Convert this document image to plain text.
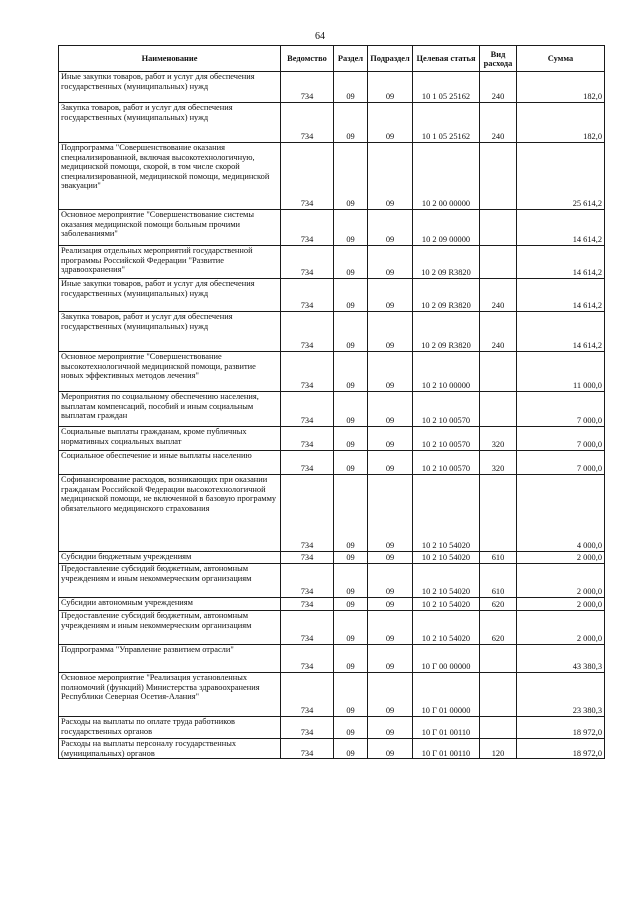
64
Наименование	Ведомство	Раздел	Подраздел	Целевая статья	Вид расхода	Сумма
Иные закупки товаров, работ и услуг для обеспечения государственных (муниципальных) нужд	734	09	09	10 1 05 25162	240	182,0
Закупка товаров, работ и услуг для обеспечения государственных (муниципальных) нужд	734	09	09	10 1 05 25162	240	182,0
Подпрограмма "Совершенствование оказания специализированной, включая высокотехнологичную, медицинской помощи, скорой, в том числе скорой специализированной, медицинской помощи, медицинской эвакуации"	734	09	09	10 2 00 00000		25 614,2
Основное мероприятие "Совершенствование системы оказания медицинской помощи больным прочими заболеваниями"	734	09	09	10 2 09 00000		14 614,2
Реализация отдельных мероприятий государственной программы Российской Федерации "Развитие здравоохранения"	734	09	09	10 2 09 R3820		14 614,2
Иные закупки товаров, работ и услуг для обеспечения государственных (муниципальных) нужд	734	09	09	10 2 09 R3820	240	14 614,2
Закупка товаров, работ и услуг для обеспечения государственных (муниципальных) нужд	734	09	09	10 2 09 R3820	240	14 614,2
Основное мероприятие "Совершенствование высокотехнологичной медицинской помощи, развитие новых эффективных методов лечения"	734	09	09	10 2 10 00000		11 000,0
Мероприятия по социальному обеспечению населения, выплатам компенсаций, пособий и иным социальным выплатам граждан	734	09	09	10 2 10 00570		7 000,0
Социальные выплаты гражданам, кроме публичных нормативных социальных выплат	734	09	09	10 2 10 00570	320	7 000,0
Социальное обеспечение и иные выплаты населению	734	09	09	10 2 10 00570	320	7 000,0
Софинансирование расходов, возникающих при оказании гражданам Российской Федерации высокотехнологичной медицинской помощи, не включенной в базовую программу обязательного медицинского страхования	734	09	09	10 2 10 54020		4 000,0
Субсидии бюджетным учреждениям	734	09	09	10 2 10 54020	610	2 000,0
Предоставление субсидий бюджетным, автономным учреждениям и иным некоммерческим организациям	734	09	09	10 2 10 54020	610	2 000,0
Субсидии автономным учреждениям	734	09	09	10 2 10 54020	620	2 000,0
Предоставление субсидий бюджетным, автономным учреждениям и иным некоммерческим организациям	734	09	09	10 2 10 54020	620	2 000,0
Подпрограмма "Управление развитием отрасли"	734	09	09	10 Г 00 00000		43 380,3
Основное мероприятие "Реализация установленных полномочий (функций) Министерства здравоохранения Республики Северная Осетия-Алания"	734	09	09	10 Г 01 00000		23 380,3
Расходы на выплаты по оплате труда работников государственных органов	734	09	09	10 Г 01 00110		18 972,0
Расходы на выплаты персоналу государственных (муниципальных) органов	734	09	09	10 Г 01 00110	120	18 972,0
